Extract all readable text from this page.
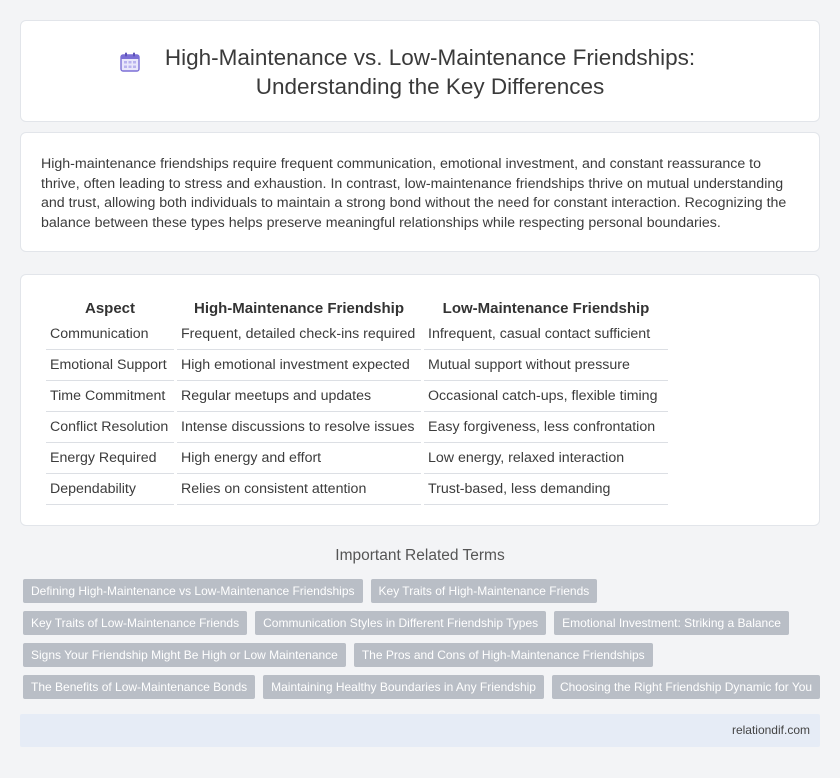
High-Maintenance vs. Low-Maintenance Friendships:
Understanding the Key Differences

High-maintenance friendships require frequent communication, emotional investment, and constant reassurance to thrive, often leading to stress and exhaustion. In contrast, low-maintenance friendships thrive on mutual understanding and trust, allowing both individuals to maintain a strong bond without the need for constant interaction. Recognizing the balance between these types helps preserve meaningful relationships while respecting personal boundaries.

Aspect	High-Maintenance Friendship	Low-Maintenance Friendship
Communication	Frequent, detailed check-ins required	Infrequent, casual contact sufficient
Emotional Support	High emotional investment expected	Mutual support without pressure
Time Commitment	Regular meetups and updates	Occasional catch-ups, flexible timing
Conflict Resolution	Intense discussions to resolve issues	Easy forgiveness, less confrontation
Energy Required	High energy and effort	Low energy, relaxed interaction
Dependability	Relies on consistent attention	Trust-based, less demanding
Important Related Terms
Defining High-Maintenance vs Low-Maintenance Friendships	Key Traits of High-Maintenance Friends
Key Traits of Low-Maintenance Friends	Communication Styles in Different Friendship Types	Emotional Investment: Striking a Balance
Signs Your Friendship Might Be High or Low Maintenance	The Pros and Cons of High-Maintenance Friendships
The Benefits of Low-Maintenance Bonds	Maintaining Healthy Boundaries in Any Friendship	Choosing the Right Friendship Dynamic for You
relationdif.com
